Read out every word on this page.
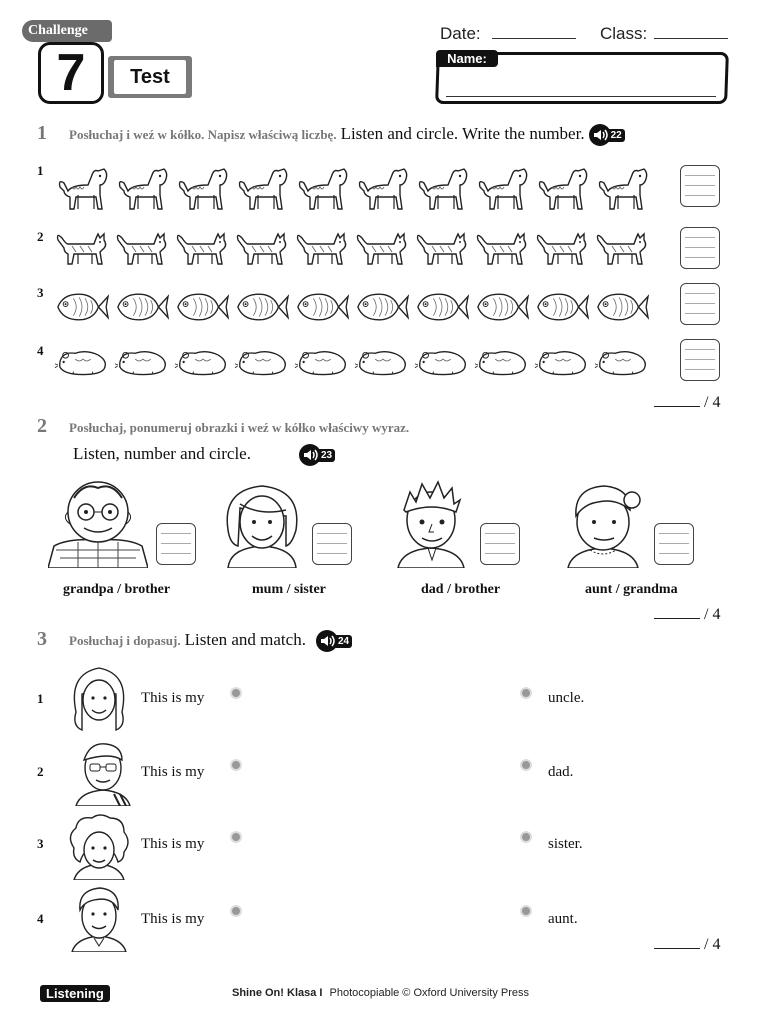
Challenge
7	Test
Date:	Class:
Name:
1 Posłuchaj i weź w kółko. Napisz właściwą liczbę. Listen and circle. Write the number.	22
1
2
3
4
/ 4
2 Posłuchaj, ponumeruj obrazki i weź w kółko właściwy wyraz.
Listen, number and circle.	23
grandpa / brother	mum / sister	dad / brother	aunt / grandma
/ 4
3 Posłuchaj i dopasuj. Listen and match.	24
1	This is my	uncle.
2	This is my	dad.
3	This is my	sister.
4	This is my	aunt.
/ 4
Listening	Shine On! Klasa I Photocopiable © Oxford University Press
